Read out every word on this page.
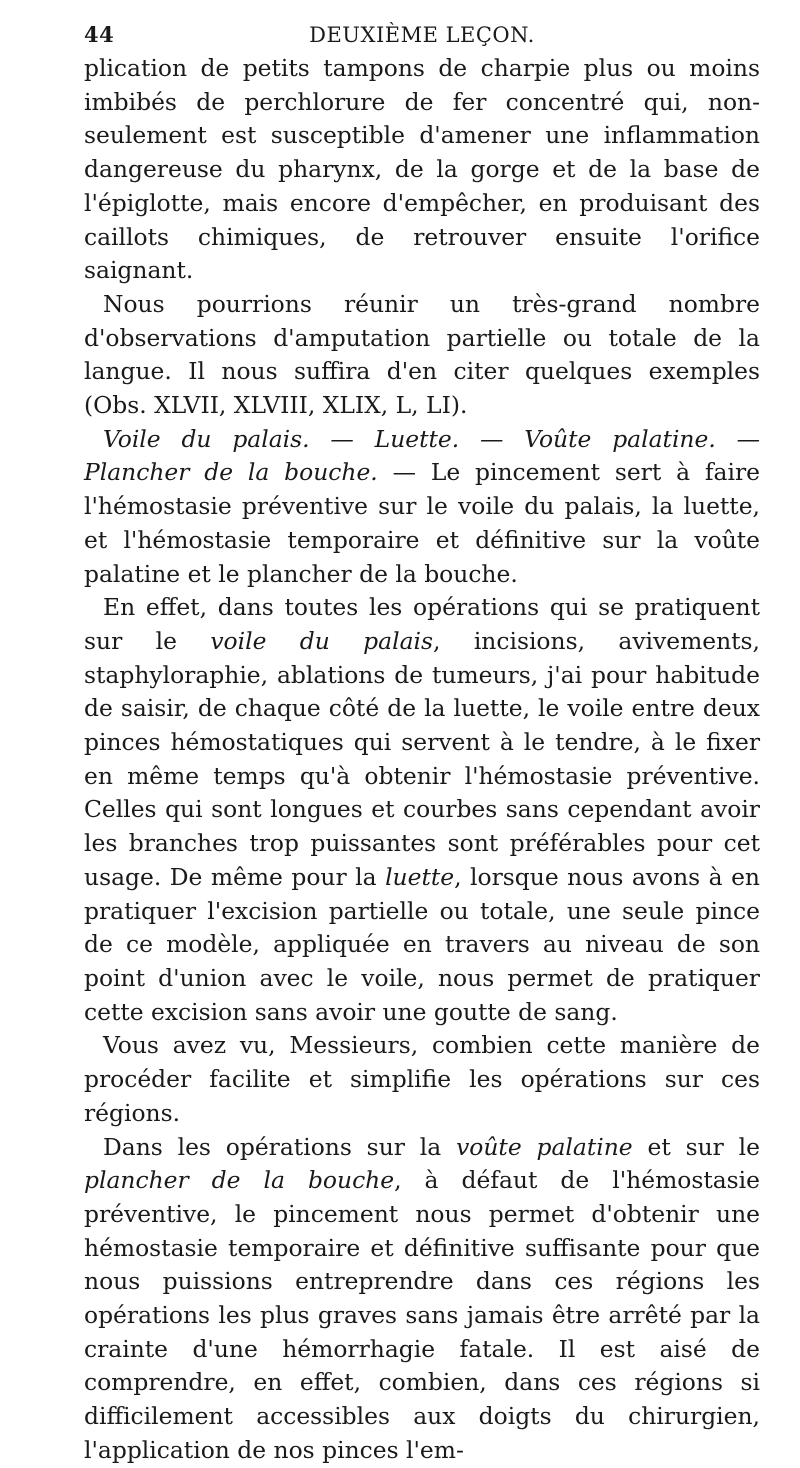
44	DEUXIÈME LEÇON.

plication de petits tampons de charpie plus ou moins imbibés de perchlorure de fer concentré qui, non-seulement est susceptible d'amener une inflammation dangereuse du pharynx, de la gorge et de la base de l'épiglotte, mais encore d'empêcher, en produisant des caillots chimiques, de retrouver ensuite l'orifice saignant.

Nous pourrions réunir un très-grand nombre d'observations d'amputation partielle ou totale de la langue. Il nous suffira d'en citer quelques exemples (Obs. XLVII, XLVIII, XLIX, L, LI).

Voile du palais. — Luette. — Voûte palatine. — Plancher de la bouche. — Le pincement sert à faire l'hémostasie préventive sur le voile du palais, la luette, et l'hémostasie temporaire et définitive sur la voûte palatine et le plancher de la bouche.

En effet, dans toutes les opérations qui se pratiquent sur le voile du palais, incisions, avivements, staphyloraphie, ablations de tumeurs, j'ai pour habitude de saisir, de chaque côté de la luette, le voile entre deux pinces hémostatiques qui servent à le tendre, à le fixer en même temps qu'à obtenir l'hémostasie préventive. Celles qui sont longues et courbes sans cependant avoir les branches trop puissantes sont préférables pour cet usage. De même pour la luette, lorsque nous avons à en pratiquer l'excision partielle ou totale, une seule pince de ce modèle, appliquée en travers au niveau de son point d'union avec le voile, nous permet de pratiquer cette excision sans avoir une goutte de sang.

Vous avez vu, Messieurs, combien cette manière de procéder facilite et simplifie les opérations sur ces régions.

Dans les opérations sur la voûte palatine et sur le plancher de la bouche, à défaut de l'hémostasie préventive, le pincement nous permet d'obtenir une hémostasie temporaire et définitive suffisante pour que nous puissions entreprendre dans ces régions les opérations les plus graves sans jamais être arrêté par la crainte d'une hémorrhagie fatale. Il est aisé de comprendre, en effet, combien, dans ces régions si difficilement accessibles aux doigts du chirurgien, l'application de nos pinces l'em-
